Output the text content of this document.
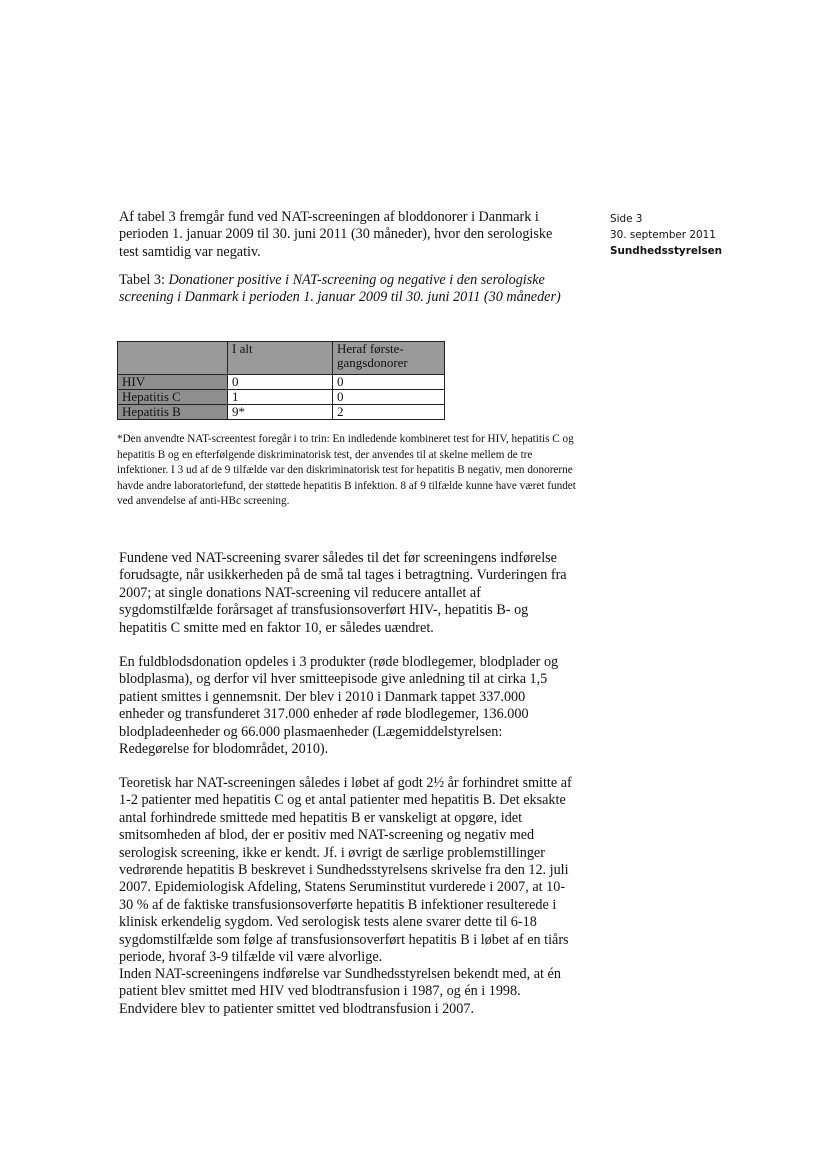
Side 3
30. september 2011
Sundhedsstyrelsen
Af tabel 3 fremgår fund ved NAT-screeningen af bloddonorer i Danmark i perioden 1. januar 2009 til 30. juni 2011 (30 måneder), hvor den serologiske test samtidig var negativ.
Tabel 3: Donationer positive i NAT-screening og negative i den serologiske screening i Danmark i perioden 1. januar 2009 til 30. juni 2011 (30 måneder)
	I alt	Heraf første-gangsdonorer
HIV	0	0
Hepatitis C	1	0
Hepatitis B	9*	2
*Den anvendte NAT-screentest foregår i to trin: En indledende kombineret test for HIV, hepatitis C og hepatitis B og en efterfølgende diskriminatorisk test, der anvendes til at skelne mellem de tre infektioner. I 3 ud af de 9 tilfælde var den diskriminatorisk test for hepatitis B negativ, men donorerne havde andre laboratoriefund, der støttede hepatitis B infektion. 8 af 9 tilfælde kunne have været fundet ved anvendelse af anti-HBc screening.
Fundene ved NAT-screening svarer således til det før screeningens indførelse forudsagte, når usikkerheden på de små tal tages i betragtning. Vurderingen fra 2007; at single donations NAT-screening vil reducere antallet af sygdomstilfælde forårsaget af transfusionsoverført HIV-, hepatitis B- og hepatitis C smitte med en faktor 10, er således uændret.
En fuldblodsdonation opdeles i 3 produkter (røde blodlegemer, blodplader og blodplasma), og derfor vil hver smitteepisode give anledning til at cirka 1,5 patient smittes i gennemsnit. Der blev i 2010 i Danmark tappet 337.000 enheder og transfunderet 317.000 enheder af røde blodlegemer, 136.000 blodpladeenheder og 66.000 plasmaenheder (Lægemiddelstyrelsen: Redegørelse for blodområdet, 2010).
Teoretisk har NAT-screeningen således i løbet af godt 2½ år forhindret smitte af 1-2 patienter med hepatitis C og et antal patienter med hepatitis B. Det eksakte antal forhindrede smittede med hepatitis B er vanskeligt at opgøre, idet smitsomheden af blod, der er positiv med NAT-screening og negativ med serologisk screening, ikke er kendt. Jf. i øvrigt de særlige problemstillinger vedrørende hepatitis B beskrevet i Sundhedsstyrelsens skrivelse fra den 12. juli 2007. Epidemiologisk Afdeling, Statens Seruminstitut vurderede i 2007, at 10-30 % af de faktiske transfusionsoverførte hepatitis B infektioner resulterede i klinisk erkendelig sygdom. Ved serologisk tests alene svarer dette til 6-18 sygdomstilfælde som følge af transfusionsoverført hepatitis B i løbet af en tiårs periode, hvoraf 3-9 tilfælde vil være alvorlige.
Inden NAT-screeningens indførelse var Sundhedsstyrelsen bekendt med, at én patient blev smittet med HIV ved blodtransfusion i 1987, og én i 1998. Endvidere blev to patienter smittet ved blodtransfusion i 2007.
